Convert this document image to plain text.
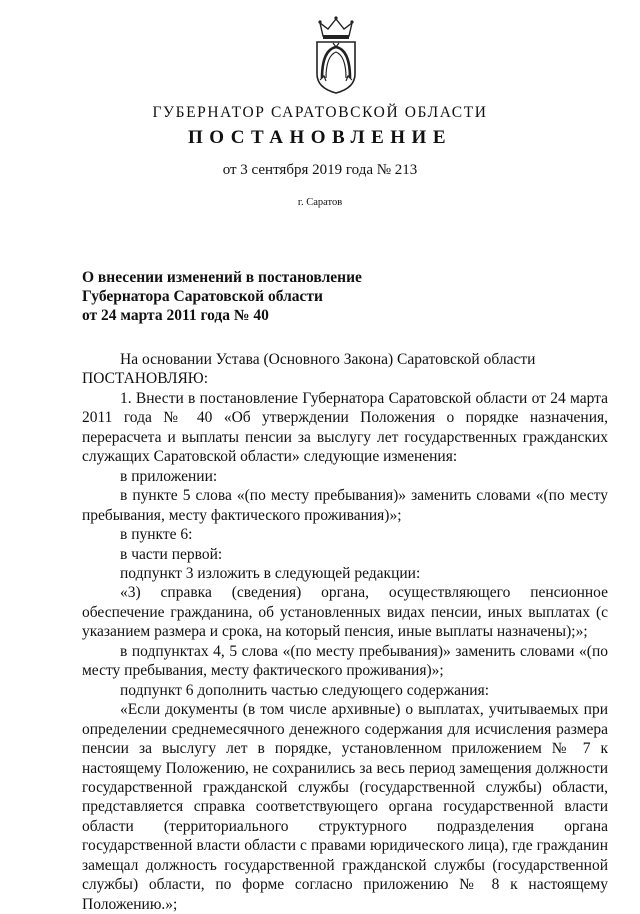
ГУБЕРНАТОР САРАТОВСКОЙ ОБЛАСТИ
ПОСТАНОВЛЕНИЕ
от 3 сентября 2019 года № 213
г. Саратов
О внесении изменений в постановление
Губернатора Саратовской области
от 24 марта 2011 года № 40

На основании Устава (Основного Закона) Саратовской области

ПОСТАНОВЛЯЮ:

1. Внести в постановление Губернатора Саратовской области от 24 марта 2011 года № 40 «Об утверждении Положения о порядке назначения, перерасчета и выплаты пенсии за выслугу лет государственных гражданских служащих Саратовской области» следующие изменения:

в приложении:

в пункте 5 слова «(по месту пребывания)» заменить словами «(по месту пребывания, месту фактического проживания)»;

в пункте 6:

в части первой:

подпункт 3 изложить в следующей редакции:

«3) справка (сведения) органа, осуществляющего пенсионное обеспечение гражданина, об установленных видах пенсии, иных выплатах (с указанием размера и срока, на который пенсия, иные выплаты назначены);»;

в подпунктах 4, 5 слова «(по месту пребывания)» заменить словами «(по месту пребывания, месту фактического проживания)»;

подпункт 6 дополнить частью следующего содержания:

«Если документы (в том числе архивные) о выплатах, учитываемых при определении среднемесячного денежного содержания для исчисления размера пенсии за выслугу лет в порядке, установленном приложением № 7 к настоящему Положению, не сохранились за весь период замещения должности государственной гражданской службы (государственной службы) области, представляется справка соответствующего органа государственной власти области (территориального структурного подразделения органа государственной власти области с правами юридического лица), где гражданин замещал должность государственной гражданской службы (государственной службы) области, по форме согласно приложению № 8 к настоящему Положению.»;
